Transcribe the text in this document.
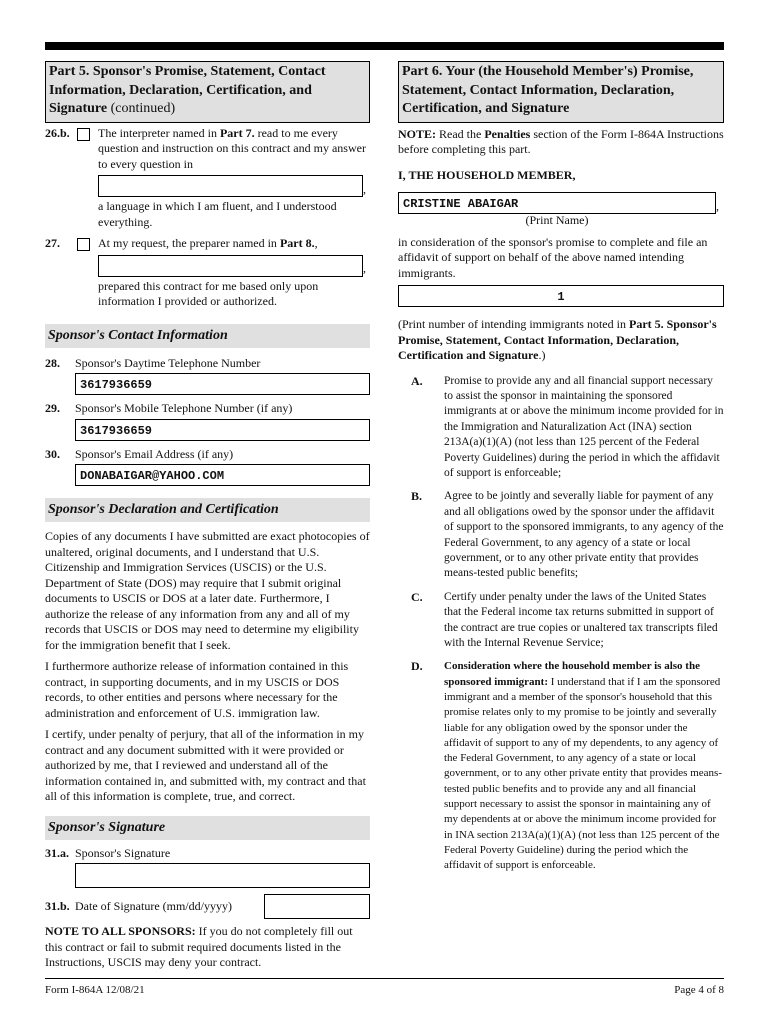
Part 5. Sponsor's Promise, Statement, Contact Information, Declaration, Certification, and Signature (continued)
26.b.	The interpreter named in Part 7. read to me every question and instruction on this contract and my answer to every question in
,
a language in which I am fluent, and I understood everything.
27.	At my request, the preparer named in Part 8.,
,
prepared this contract for me based only upon information I provided or authorized.
Sponsor's Contact Information
28.	Sponsor's Daytime Telephone Number
3617936659
29.	Sponsor's Mobile Telephone Number (if any)
3617936659
30.	Sponsor's Email Address (if any)
DONABAIGAR@YAHOO.COM
Sponsor's Declaration and Certification

Copies of any documents I have submitted are exact photocopies of unaltered, original documents, and I understand that U.S. Citizenship and Immigration Services (USCIS) or the U.S. Department of State (DOS) may require that I submit original documents to USCIS or DOS at a later date. Furthermore, I authorize the release of any information from any and all of my records that USCIS or DOS may need to determine my eligibility for the immigration benefit that I seek.

I furthermore authorize release of information contained in this contract, in supporting documents, and in my USCIS or DOS records, to other entities and persons where necessary for the administration and enforcement of U.S. immigration law.

I certify, under penalty of perjury, that all of the information in my contract and any document submitted with it were provided or authorized by me, that I reviewed and understand all of the information contained in, and submitted with, my contract and that all of this information is complete, true, and correct.

Sponsor's Signature
31.a. Sponsor's Signature
31.b. Date of Signature (mm/dd/yyyy)

NOTE TO ALL SPONSORS: If you do not completely fill out this contract or fail to submit required documents listed in the Instructions, USCIS may deny your contract.

Part 6. Your (the Household Member's) Promise, Statement, Contact Information, Declaration, Certification, and Signature

NOTE: Read the Penalties section of the Form I-864A Instructions before completing this part.

I, THE HOUSEHOLD MEMBER,
CRISTINE ABAIGAR	,
(Print Name)

in consideration of the sponsor's promise to complete and file an affidavit of support on behalf of the above named intending immigrants.

1

(Print number of intending immigrants noted in Part 5. Sponsor's Promise, Statement, Contact Information, Declaration, Certification and Signature.)

A.	Promise to provide any and all financial support necessary to assist the sponsor in maintaining the sponsored immigrants at or above the minimum income provided for in the Immigration and Naturalization Act (INA) section 213A(a)(1)(A) (not less than 125 percent of the Federal Poverty Guidelines) during the period in which the affidavit of support is enforceable;
B.	Agree to be jointly and severally liable for payment of any and all obligations owed by the sponsor under the affidavit of support to the sponsored immigrants, to any agency of the Federal Government, to any agency of a state or local government, or to any other private entity that provides means-tested public benefits;
C.	Certify under penalty under the laws of the United States that the Federal income tax returns submitted in support of the contract are true copies or unaltered tax transcripts filed with the Internal Revenue Service;
D.	Consideration where the household member is also the sponsored immigrant: I understand that if I am the sponsored immigrant and a member of the sponsor's household that this promise relates only to my promise to be jointly and severally liable for any obligation owed by the sponsor under the affidavit of support to any of my dependents, to any agency of the Federal Government, to any agency of a state or local government, or to any other private entity that provides means-tested public benefits and to provide any and all financial support necessary to assist the sponsor in maintaining any of my dependents at or above the minimum income provided for in INA section 213A(a)(1)(A) (not less than 125 percent of the Federal Poverty Guideline) during the period which the affidavit of support is enforceable.
Form I-864A 12/08/21	Page 4 of 8
